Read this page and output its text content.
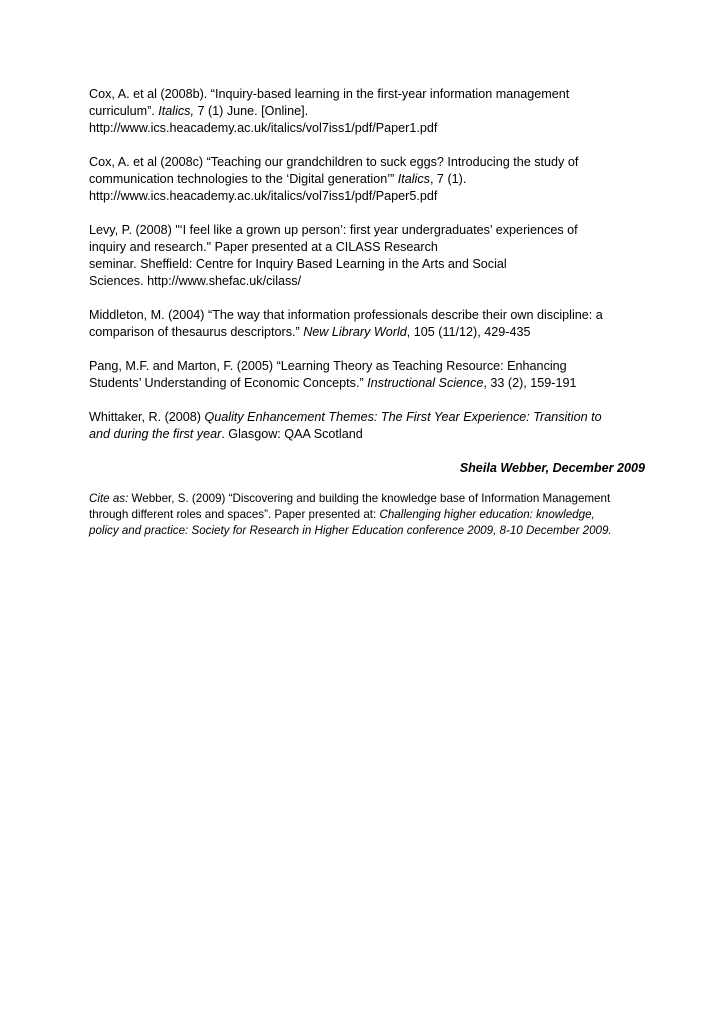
Cox, A. et al (2008b). “Inquiry-based learning in the first-year information management
curriculum”. Italics, 7 (1) June. [Online].
http://www.ics.heacademy.ac.uk/italics/vol7iss1/pdf/Paper1.pdf

Cox, A. et al (2008c) “Teaching our grandchildren to suck eggs? Introducing the study of
communication technologies to the ‘Digital generation’” Italics, 7 (1).
http://www.ics.heacademy.ac.uk/italics/vol7iss1/pdf/Paper5.pdf

Levy, P. (2008) "‘I feel like a grown up person’: first year undergraduates’ experiences of
inquiry and research." Paper presented at a CILASS Research
seminar. Sheffield: Centre for Inquiry Based Learning in the Arts and Social
Sciences. http://www.shefac.uk/cilass/

Middleton, M. (2004) “The way that information professionals describe their own discipline: a
comparison of thesaurus descriptors.” New Library World, 105 (11/12), 429-435

Pang, M.F. and Marton, F. (2005) “Learning Theory as Teaching Resource: Enhancing
Students’ Understanding of Economic Concepts.” Instructional Science, 33 (2), 159-191

Whittaker, R. (2008) Quality Enhancement Themes: The First Year Experience: Transition to
and during the first year. Glasgow: QAA Scotland

Sheila Webber, December 2009
Cite as: Webber, S. (2009) “Discovering and building the knowledge base of Information Management
through different roles and spaces”. Paper presented at: Challenging higher education: knowledge,
policy and practice: Society for Research in Higher Education conference 2009, 8-10 December 2009.
